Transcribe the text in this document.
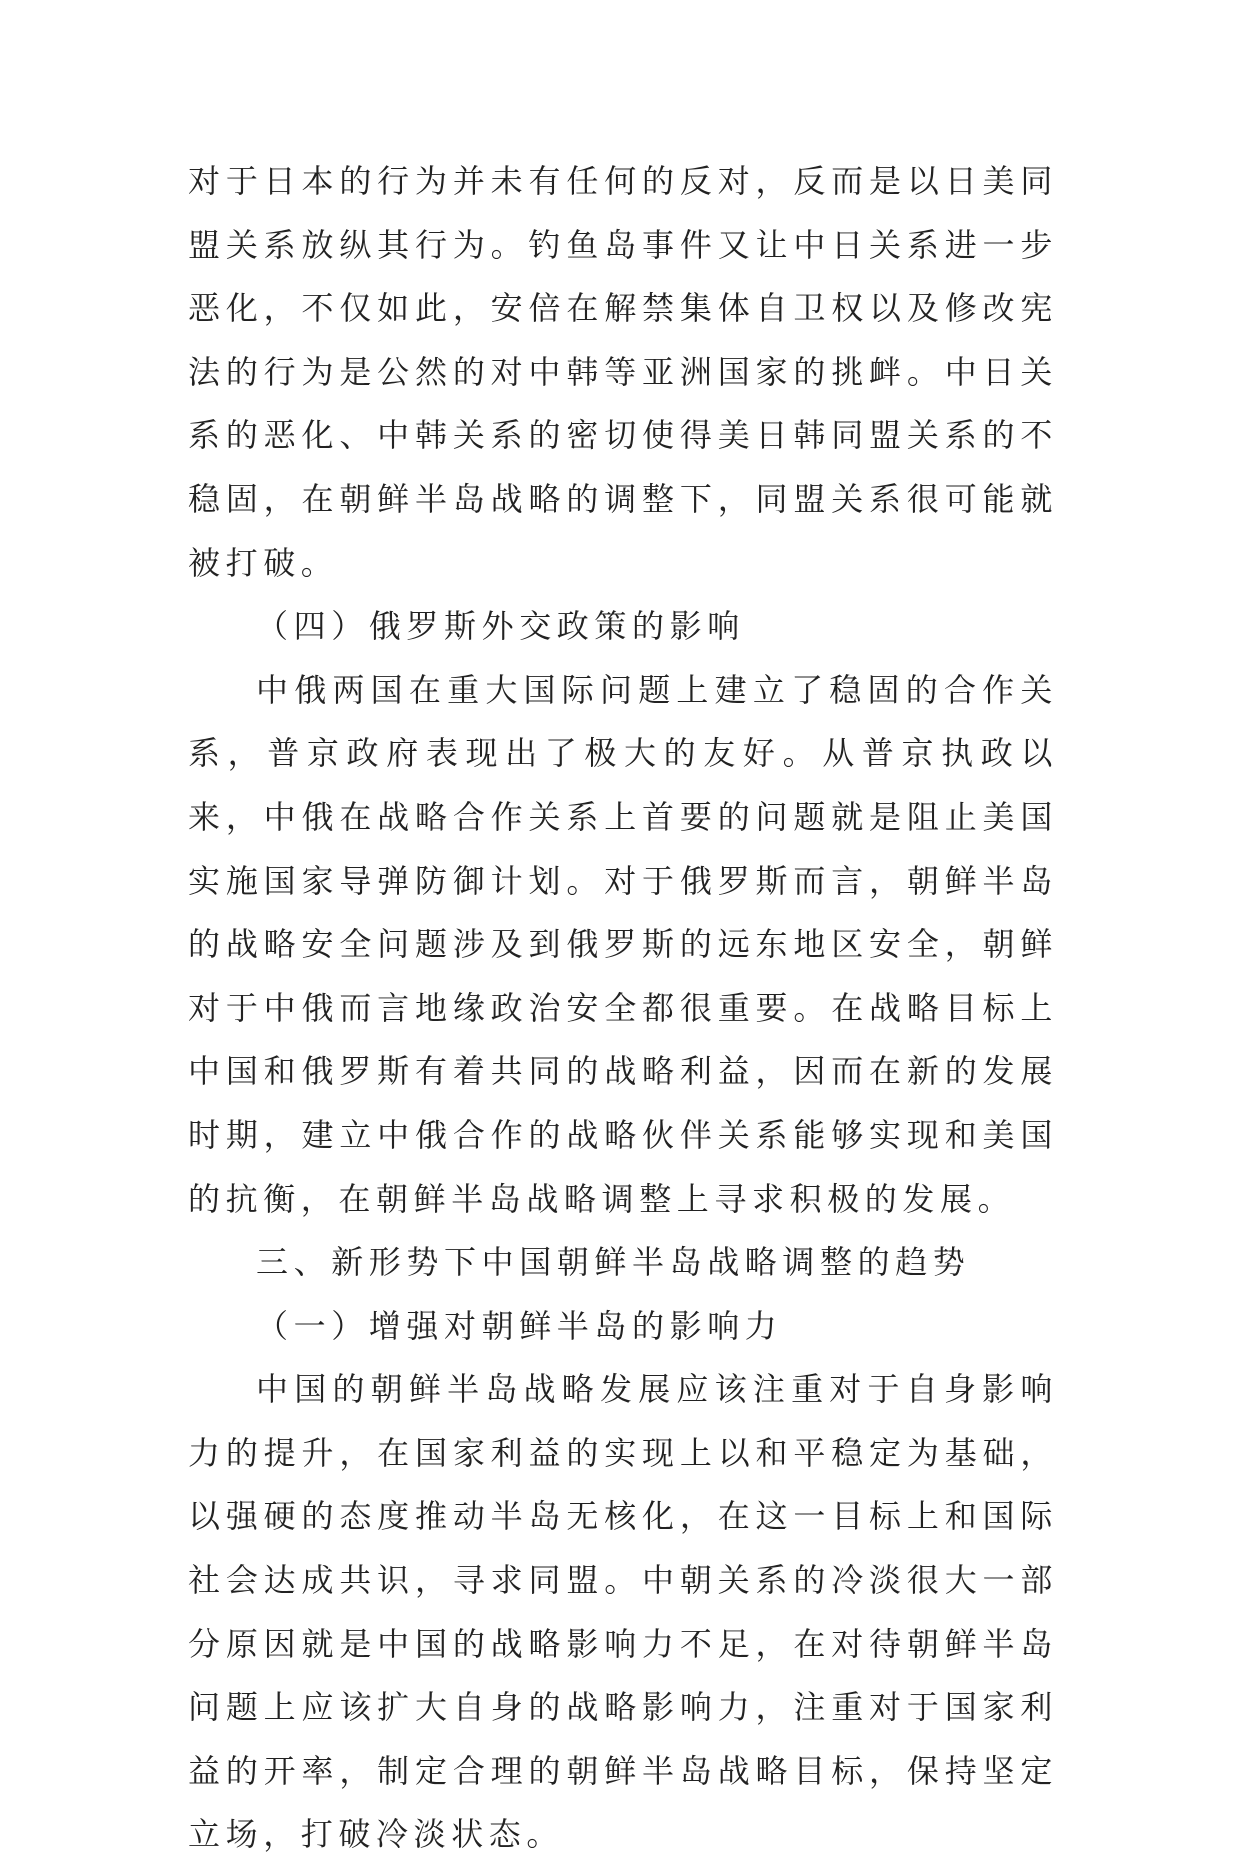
对于日本的行为并未有任何的反对，反而是以日美同盟关系放纵其行为。钓鱼岛事件又让中日关系进一步恶化，不仅如此，安倍在解禁集体自卫权以及修改宪法的行为是公然的对中韩等亚洲国家的挑衅。中日关系的恶化、中韩关系的密切使得美日韩同盟关系的不稳固，在朝鲜半岛战略的调整下，同盟关系很可能就被打破。

（四）俄罗斯外交政策的影响

中俄两国在重大国际问题上建立了稳固的合作关系，普京政府表现出了极大的友好。从普京执政以来，中俄在战略合作关系上首要的问题就是阻止美国实施国家导弹防御计划。对于俄罗斯而言，朝鲜半岛的战略安全问题涉及到俄罗斯的远东地区安全，朝鲜对于中俄而言地缘政治安全都很重要。在战略目标上中国和俄罗斯有着共同的战略利益，因而在新的发展时期，建立中俄合作的战略伙伴关系能够实现和美国的抗衡，在朝鲜半岛战略调整上寻求积极的发展。

三、新形势下中国朝鲜半岛战略调整的趋势

（一）增强对朝鲜半岛的影响力

中国的朝鲜半岛战略发展应该注重对于自身影响力的提升，在国家利益的实现上以和平稳定为基础，以强硬的态度推动半岛无核化，在这一目标上和国际社会达成共识，寻求同盟。中朝关系的冷淡很大一部分原因就是中国的战略影响力不足，在对待朝鲜半岛问题上应该扩大自身的战略影响力，注重对于国家利益的开率，制定合理的朝鲜半岛战略目标，保持坚定立场，打破冷淡状态。
